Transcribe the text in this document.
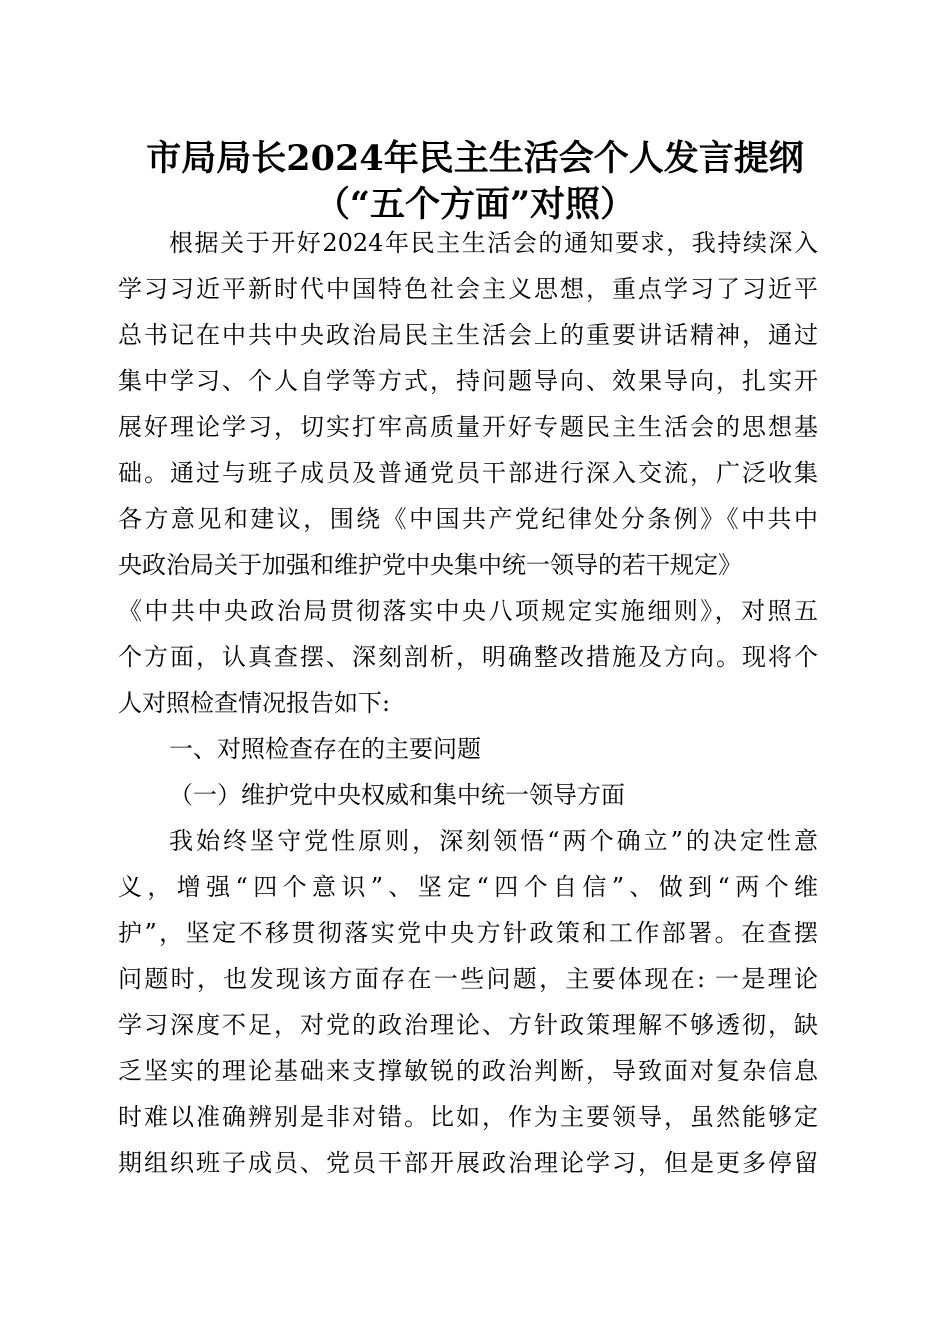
市局局长2024年民主生活会个人发言提纲
（“五个方面”对照）
根据关于开好2024年民主生活会的通知要求，我持续深入
学习习近平新时代中国特色社会主义思想，重点学习了习近平
总书记在中共中央政治局民主生活会上的重要讲话精神，通过
集中学习、个人自学等方式，持问题导向、效果导向，扎实开
展好理论学习，切实打牢高质量开好专题民主生活会的思想基
础。通过与班子成员及普通党员干部进行深入交流，广泛收集
各方意见和建议，围绕《中国共产党纪律处分条例》《中共中
央政治局关于加强和维护党中央集中统一领导的若干规定》
《中共中央政治局贯彻落实中央八项规定实施细则》，对照五
个方面，认真查摆、深刻剖析，明确整改措施及方向。现将个
人对照检查情况报告如下:
一、对照检查存在的主要问题
（一）维护党中央权威和集中统一领导方面
我始终坚守党性原则，深刻领悟“两个确立”的决定性意
义，增强“四个意识”、坚定“四个自信”、做到“两个维
护”，坚定不移贯彻落实党中央方针政策和工作部署。在查摆
问题时，也发现该方面存在一些问题，主要体现在: 一是理论
学习深度不足，对党的政治理论、方针政策理解不够透彻，缺
乏坚实的理论基础来支撑敏锐的政治判断，导致面对复杂信息
时难以准确辨别是非对错。比如，作为主要领导，虽然能够定
期组织班子成员、党员干部开展政治理论学习，但是更多停留
